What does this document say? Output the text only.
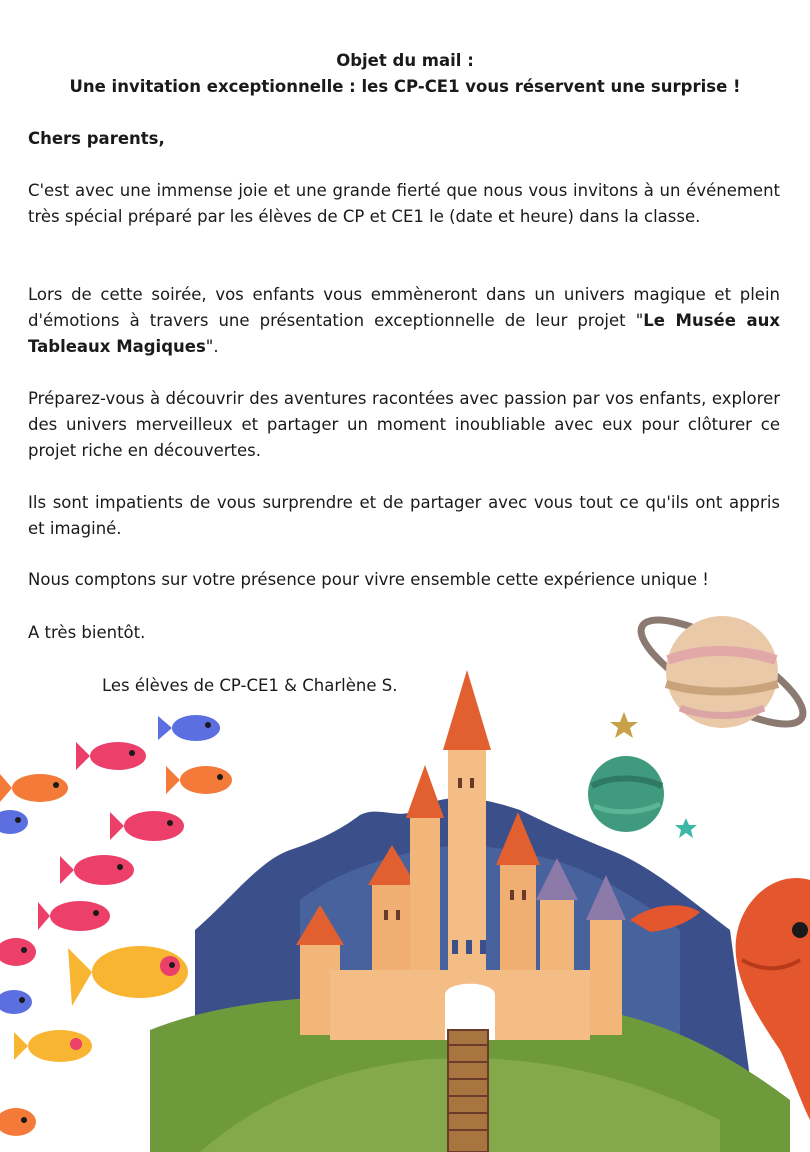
Objet du mail :
Une invitation exceptionnelle : les CP-CE1 vous réservent une surprise !
Chers parents,
C'est avec une immense joie et une grande fierté que nous vous invitons à un événement très spécial préparé par les élèves de CP et CE1 le (date et heure) dans la classe.
Lors de cette soirée, vos enfants vous emmèneront dans un univers magique et plein d'émotions à travers une présentation exceptionnelle de leur projet "Le Musée aux Tableaux Magiques".
Préparez-vous à découvrir des aventures racontées avec passion par vos enfants, explorer des univers merveilleux et partager un moment inoubliable avec eux pour clôturer ce projet riche en découvertes.
Ils sont impatients de vous surprendre et de partager avec vous tout ce qu'ils ont appris et imaginé.
Nous comptons sur votre présence pour vivre ensemble cette expérience unique !
A très bientôt.
Les élèves de CP-CE1 & Charlène S.
